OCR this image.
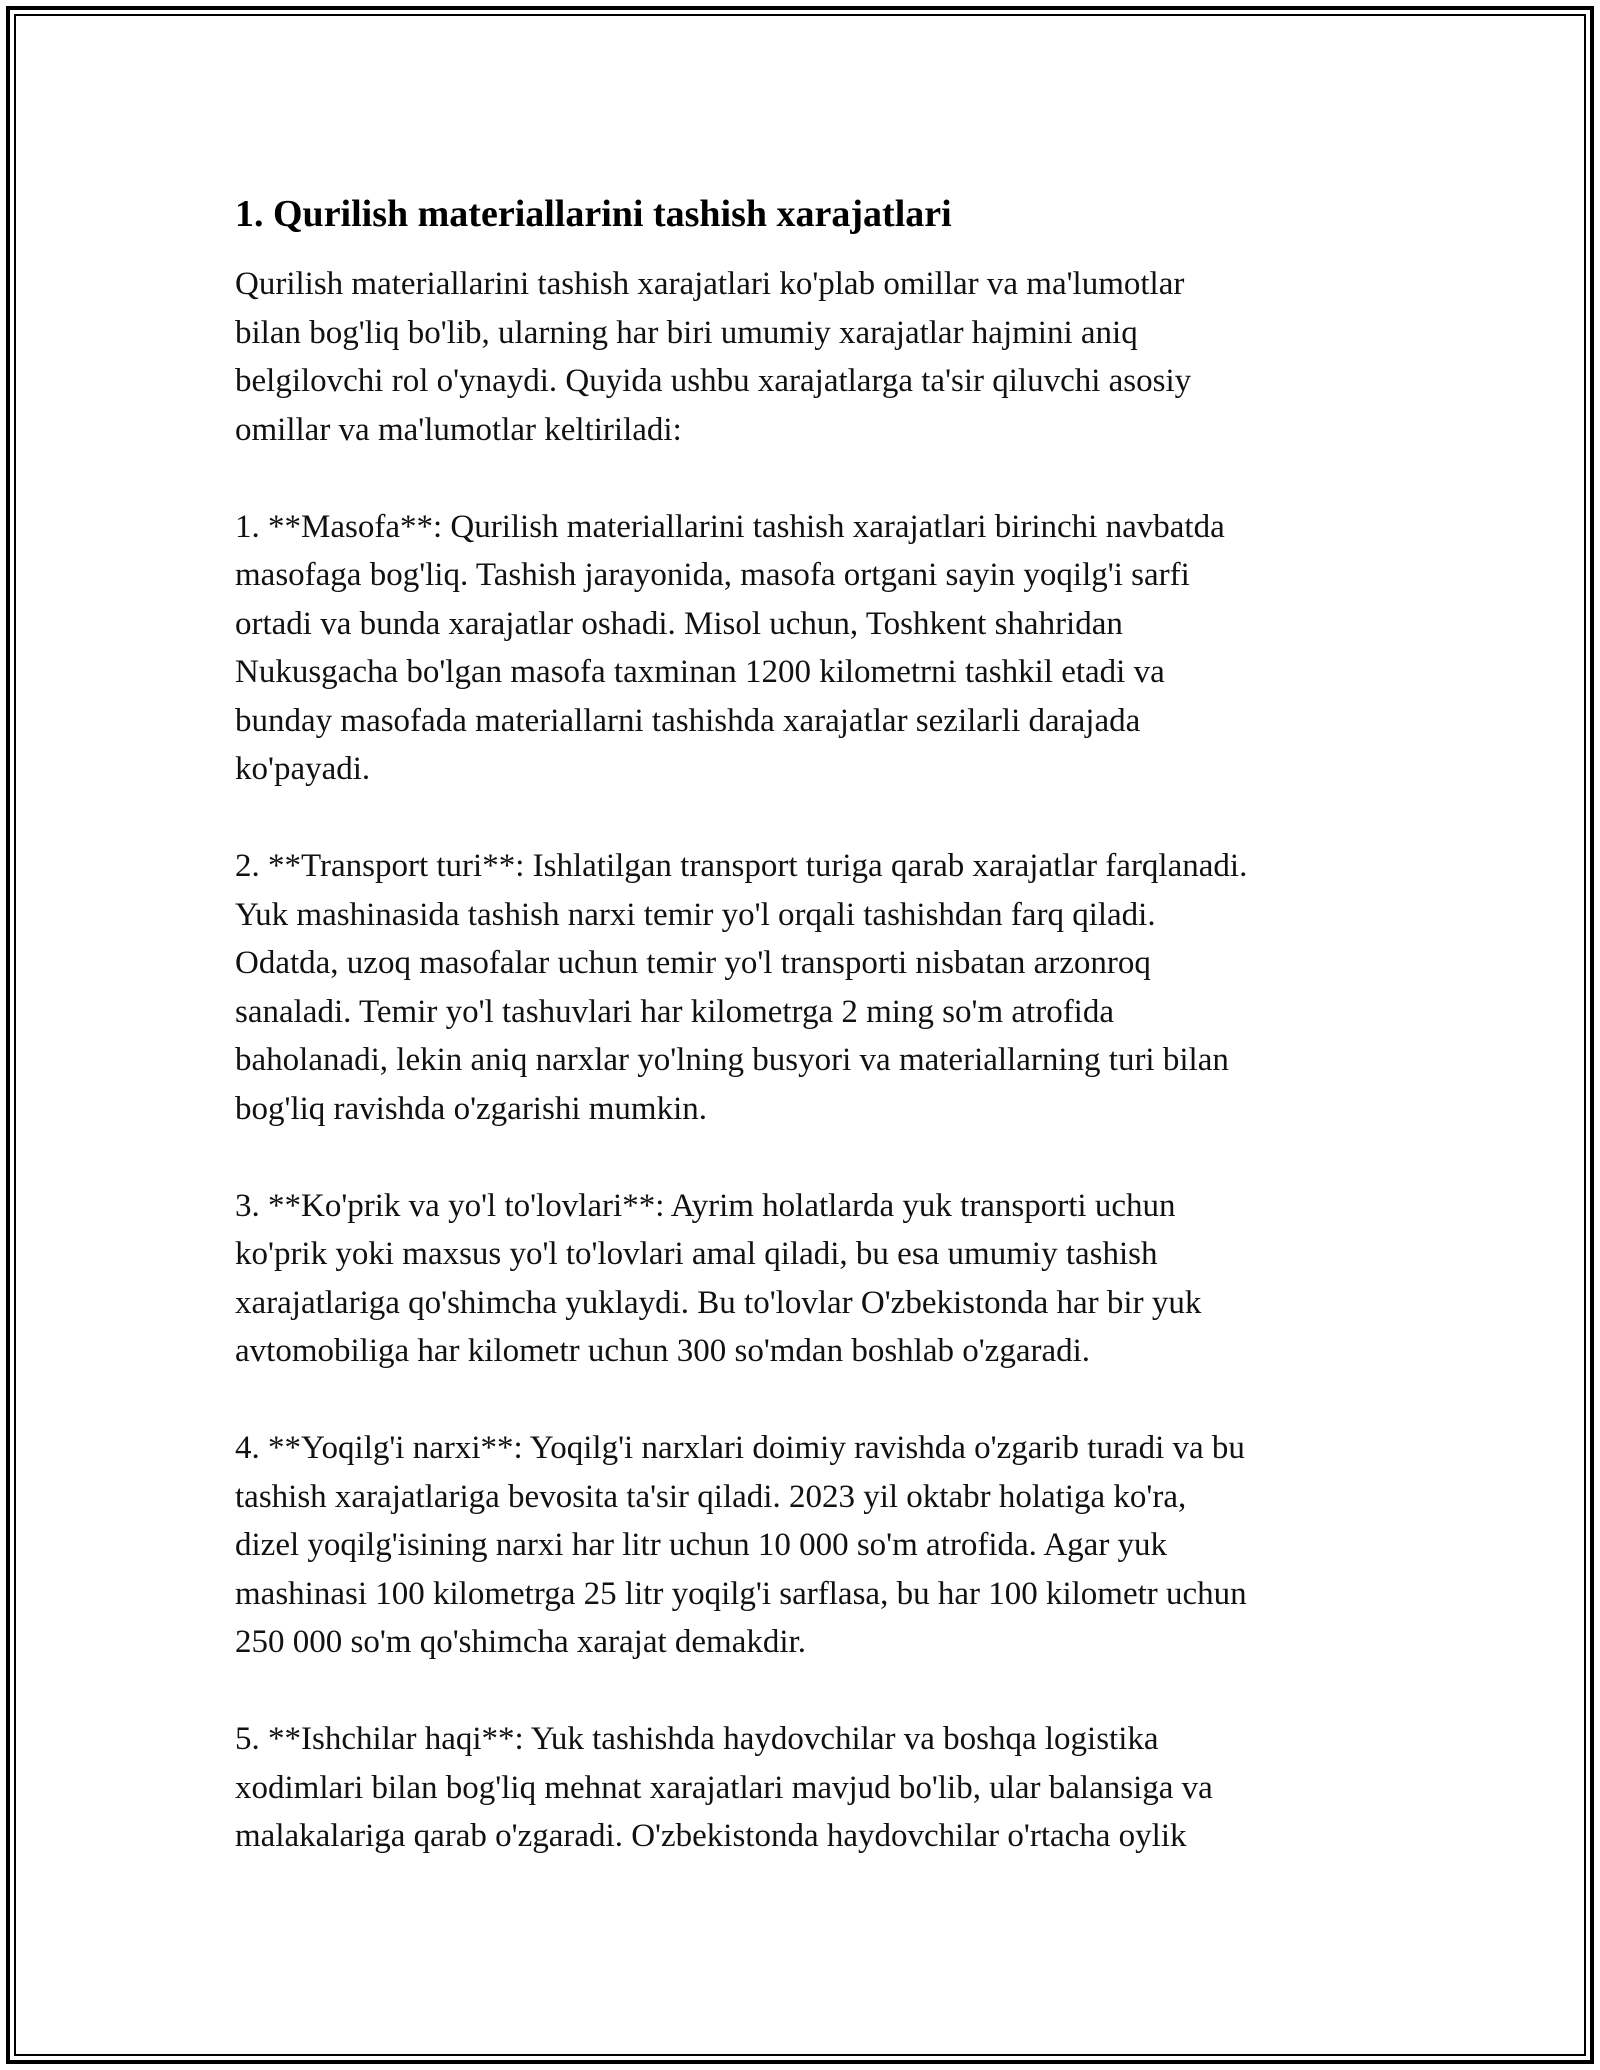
1. Qurilish materiallarini tashish xarajatlari

Qurilish materiallarini tashish xarajatlari ko'plab omillar va ma'lumotlar
bilan bog'liq bo'lib, ularning har biri umumiy xarajatlar hajmini aniq
belgilovchi rol o'ynaydi. Quyida ushbu xarajatlarga ta'sir qiluvchi asosiy
omillar va ma'lumotlar keltiriladi:

1. **Masofa**: Qurilish materiallarini tashish xarajatlari birinchi navbatda
masofaga bog'liq. Tashish jarayonida, masofa ortgani sayin yoqilg'i sarfi
ortadi va bunda xarajatlar oshadi. Misol uchun, Toshkent shahridan
Nukusgacha bo'lgan masofa taxminan 1200 kilometrni tashkil etadi va
bunday masofada materiallarni tashishda xarajatlar sezilarli darajada
ko'payadi.

2. **Transport turi**: Ishlatilgan transport turiga qarab xarajatlar farqlanadi.
Yuk mashinasida tashish narxi temir yo'l orqali tashishdan farq qiladi.
Odatda, uzoq masofalar uchun temir yo'l transporti nisbatan arzonroq
sanaladi. Temir yo'l tashuvlari har kilometrga 2 ming so'm atrofida
baholanadi, lekin aniq narxlar yo'lning busyori va materiallarning turi bilan
bog'liq ravishda o'zgarishi mumkin.

3. **Ko'prik va yo'l to'lovlari**: Ayrim holatlarda yuk transporti uchun
ko'prik yoki maxsus yo'l to'lovlari amal qiladi, bu esa umumiy tashish
xarajatlariga qo'shimcha yuklaydi. Bu to'lovlar O'zbekistonda har bir yuk
avtomobiliga har kilometr uchun 300 so'mdan boshlab o'zgaradi.

4. **Yoqilg'i narxi**: Yoqilg'i narxlari doimiy ravishda o'zgarib turadi va bu
tashish xarajatlariga bevosita ta'sir qiladi. 2023 yil oktabr holatiga ko'ra,
dizel yoqilg'isining narxi har litr uchun 10 000 so'm atrofida. Agar yuk
mashinasi 100 kilometrga 25 litr yoqilg'i sarflasa, bu har 100 kilometr uchun
250 000 so'm qo'shimcha xarajat demakdir.

5. **Ishchilar haqi**: Yuk tashishda haydovchilar va boshqa logistika
xodimlari bilan bog'liq mehnat xarajatlari mavjud bo'lib, ular balansiga va
malakalariga qarab o'zgaradi. O'zbekistonda haydovchilar o'rtacha oylik
